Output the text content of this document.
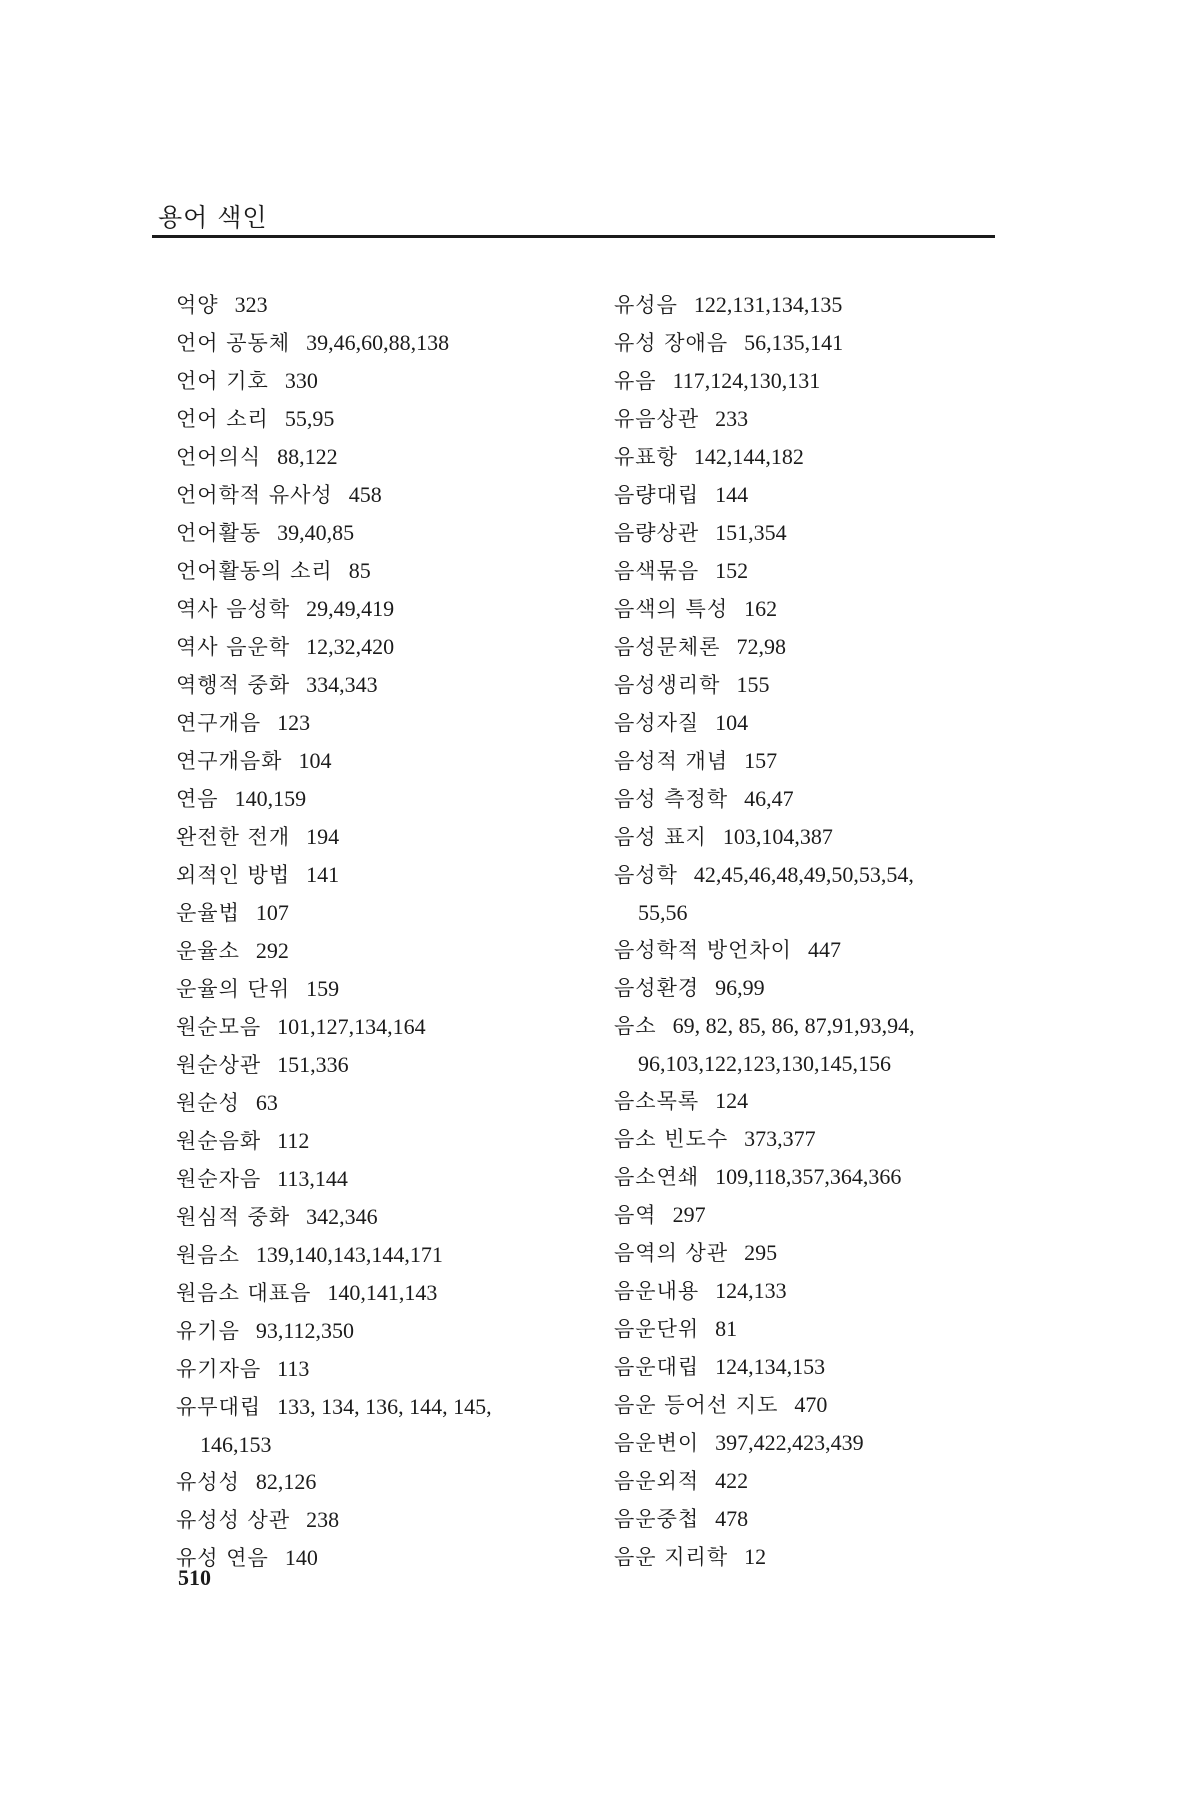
용어 색인
억양 323
언어 공동체 39,46,60,88,138
언어 기호 330
언어 소리 55,95
언어의식 88,122
언어학적 유사성 458
언어활동 39,40,85
언어활동의 소리 85
역사 음성학 29,49,419
역사 음운학 12,32,420
역행적 중화 334,343
연구개음 123
연구개음화 104
연음 140,159
완전한 전개 194
외적인 방법 141
운율법 107
운율소 292
운율의 단위 159
원순모음 101,127,134,164
원순상관 151,336
원순성 63
원순음화 112
원순자음 113,144
원심적 중화 342,346
원음소 139,140,143,144,171
원음소 대표음 140,141,143
유기음 93,112,350
유기자음 113
유무대립 133, 134, 136, 144, 145,
146,153
유성성 82,126
유성성 상관 238
유성 연음 140
유성음 122,131,134,135
유성 장애음 56,135,141
유음 117,124,130,131
유음상관 233
유표항 142,144,182
음량대립 144
음량상관 151,354
음색묶음 152
음색의 특성 162
음성문체론 72,98
음성생리학 155
음성자질 104
음성적 개념 157
음성 측정학 46,47
음성 표지 103,104,387
음성학 42,45,46,48,49,50,53,54,
55,56
음성학적 방언차이 447
음성환경 96,99
음소 69, 82, 85, 86, 87,91,93,94,
96,103,122,123,130,145,156
음소목록 124
음소 빈도수 373,377
음소연쇄 109,118,357,364,366
음역 297
음역의 상관 295
음운내용 124,133
음운단위 81
음운대립 124,134,153
음운 등어선 지도 470
음운변이 397,422,423,439
음운외적 422
음운중첩 478
음운 지리학 12
510
